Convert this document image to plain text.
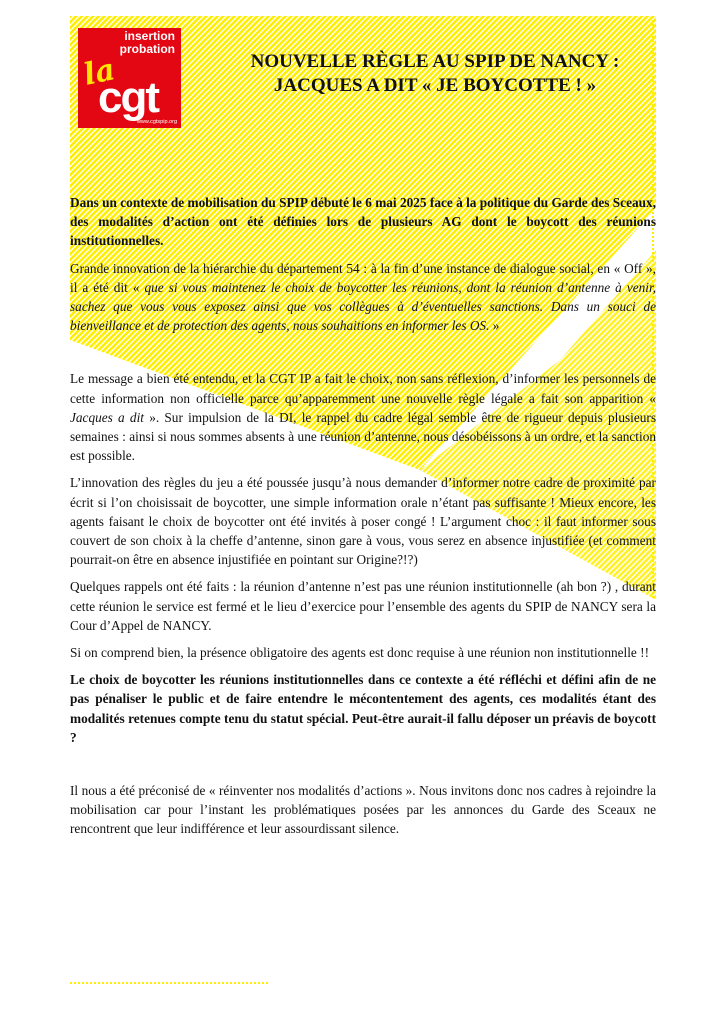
insertion
probation
la
cgt
www.cgtspip.org
NOUVELLE RÈGLE AU SPIP DE NANCY :
JACQUES A DIT « JE BOYCOTTE ! »

Dans un contexte de mobilisation du SPIP débuté le 6 mai 2025 face à la politique du Garde des Sceaux, des modalités d’action ont été définies lors de plusieurs AG dont le boycott des réunions institutionnelles.

Grande innovation de la hiérarchie du département 54 : à la fin d’une instance de dialogue social, en « Off », il a été dit « que si vous maintenez le choix de boycotter les réunions, dont la réunion d’antenne à venir, sachez que vous vous exposez ainsi que vos collègues à d’éventuelles sanctions. Dans un souci de bienveillance et de protection des agents, nous souhaitions en informer les OS. »

Le message a bien été entendu, et la CGT IP a fait le choix, non sans réflexion, d’informer les personnels de cette information non officielle parce qu’apparemment une nouvelle règle légale a fait son apparition « Jacques a dit ». Sur impulsion de la DI, le rappel du cadre légal semble être de rigueur depuis plusieurs semaines : ainsi si nous sommes absents à une réunion d’antenne, nous désobéissons à un ordre, et la sanction est possible.

L’innovation des règles du jeu a été poussée jusqu’à nous demander d’informer notre cadre de proximité par écrit si l’on choisissait de boycotter, une simple information orale n’étant pas suffisante ! Mieux encore, les agents faisant le choix de boycotter ont été invités à poser congé ! L’argument choc : il faut informer sous couvert de son choix à la cheffe d’antenne, sinon gare à vous, vous serez en absence injustifiée (et comment pourrait-on être en absence injustifiée en pointant sur Origine?!?)

Quelques rappels ont été faits : la réunion d’antenne n’est pas une réunion institutionnelle (ah bon ?) , durant cette réunion le service est fermé et le lieu d’exercice pour l’ensemble des agents du SPIP de NANCY sera la Cour d’Appel de NANCY.

Si on comprend bien, la présence obligatoire des agents est donc requise à une réunion non institutionnelle !!

Le choix de boycotter les réunions institutionnelles dans ce contexte a été réfléchi et défini afin de ne pas pénaliser le public et de faire entendre le mécontentement des agents, ces modalités étant des modalités retenues compte tenu du statut spécial. Peut-être aurait-il fallu déposer un préavis de boycott ?

Il nous a été préconisé de « réinventer nos modalités d’actions ». Nous invitons donc nos cadres à rejoindre la mobilisation car pour l’instant les problématiques posées par les annonces du Garde des Sceaux ne rencontrent que leur indifférence et leur assourdissant silence.
